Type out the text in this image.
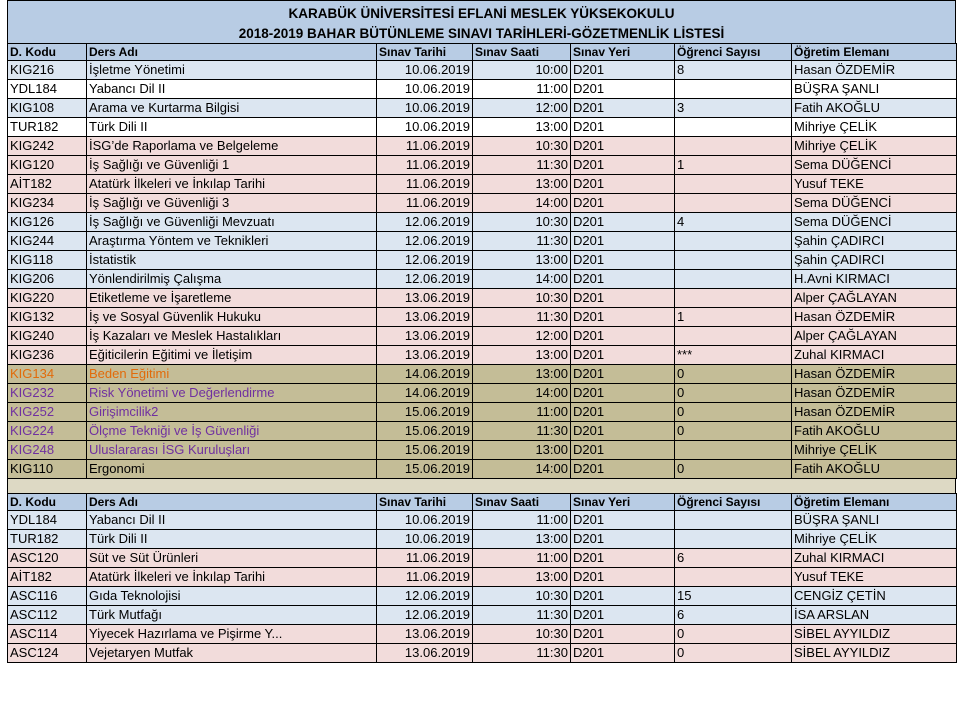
KARABÜK ÜNİVERSİTESİ EFLANİ MESLEK YÜKSEKOKULU
2018-2019 BAHAR BÜTÜNLEME SINAVI TARİHLERİ-GÖZETMENLİK LİSTESİ
D. Kodu	Ders Adı	Sınav Tarihi	Sınav Saati	Sınav Yeri	Öğrenci Sayısı	Öğretim Elemanı
KIG216	İşletme Yönetimi	10.06.2019	10:00	D201	8	Hasan ÖZDEMİR
YDL184	Yabancı Dil II	10.06.2019	11:00	D201		BÜŞRA ŞANLI
KIG108	Arama ve Kurtarma Bilgisi	10.06.2019	12:00	D201	3	Fatih AKOĞLU
TUR182	Türk Dili II	10.06.2019	13:00	D201		Mihriye ÇELİK
KIG242	İSG’de Raporlama ve Belgeleme	11.06.2019	10:30	D201		Mihriye ÇELİK
KIG120	İş Sağlığı ve Güvenliği 1	11.06.2019	11:30	D201	1	Sema DÜĞENCİ
AİT182	Atatürk İlkeleri ve İnkılap Tarihi	11.06.2019	13:00	D201		Yusuf TEKE
KIG234	İş Sağlığı ve Güvenliği 3	11.06.2019	14:00	D201		Sema DÜĞENCİ
KIG126	İş Sağlığı ve Güvenliği Mevzuatı	12.06.2019	10:30	D201	4	Sema DÜĞENCİ
KIG244	Araştırma Yöntem ve Teknikleri	12.06.2019	11:30	D201		Şahin ÇADIRCI
KIG118	İstatistik	12.06.2019	13:00	D201		Şahin ÇADIRCI
KIG206	Yönlendirilmiş Çalışma	12.06.2019	14:00	D201		H.Avni KIRMACI
KIG220	Etiketleme ve İşaretleme	13.06.2019	10:30	D201		Alper ÇAĞLAYAN
KIG132	İş ve Sosyal Güvenlik Hukuku	13.06.2019	11:30	D201	1	Hasan ÖZDEMİR
KIG240	İş Kazaları ve Meslek Hastalıkları	13.06.2019	12:00	D201		Alper ÇAĞLAYAN
KIG236	Eğiticilerin Eğitimi ve İletişim	13.06.2019	13:00	D201	***	Zuhal KIRMACI
KIG134	Beden Eğitimi	14.06.2019	13:00	D201	0	Hasan ÖZDEMİR
KIG232	Risk Yönetimi ve Değerlendirme	14.06.2019	14:00	D201	0	Hasan ÖZDEMİR
KIG252	Girişimcilik2	15.06.2019	11:00	D201	0	Hasan ÖZDEMİR
KIG224	Ölçme Tekniği ve İş Güvenliği	15.06.2019	11:30	D201	0	Fatih AKOĞLU
KIG248	Uluslararası İSG Kuruluşları	15.06.2019	13:00	D201		Mihriye ÇELİK
KIG110	Ergonomi	15.06.2019	14:00	D201	0	Fatih AKOĞLU
D. Kodu	Ders Adı	Sınav Tarihi	Sınav Saati	Sınav Yeri	Öğrenci Sayısı	Öğretim Elemanı
YDL184	Yabancı Dil II	10.06.2019	11:00	D201		BÜŞRA ŞANLI
TUR182	Türk Dili II	10.06.2019	13:00	D201		Mihriye ÇELİK
ASC120	Süt ve Süt Ürünleri	11.06.2019	11:00	D201	6	Zuhal KIRMACI
AİT182	Atatürk İlkeleri ve İnkılap Tarihi	11.06.2019	13:00	D201		Yusuf TEKE
ASC116	Gıda Teknolojisi	12.06.2019	10:30	D201	15	CENGİZ ÇETİN
ASC112	Türk Mutfağı	12.06.2019	11:30	D201	6	İSA ARSLAN
ASC114	Yiyecek Hazırlama ve Pişirme Y...	13.06.2019	10:30	D201	0	SİBEL AYYILDIZ
ASC124	Vejetaryen Mutfak	13.06.2019	11:30	D201	0	SİBEL AYYILDIZ
